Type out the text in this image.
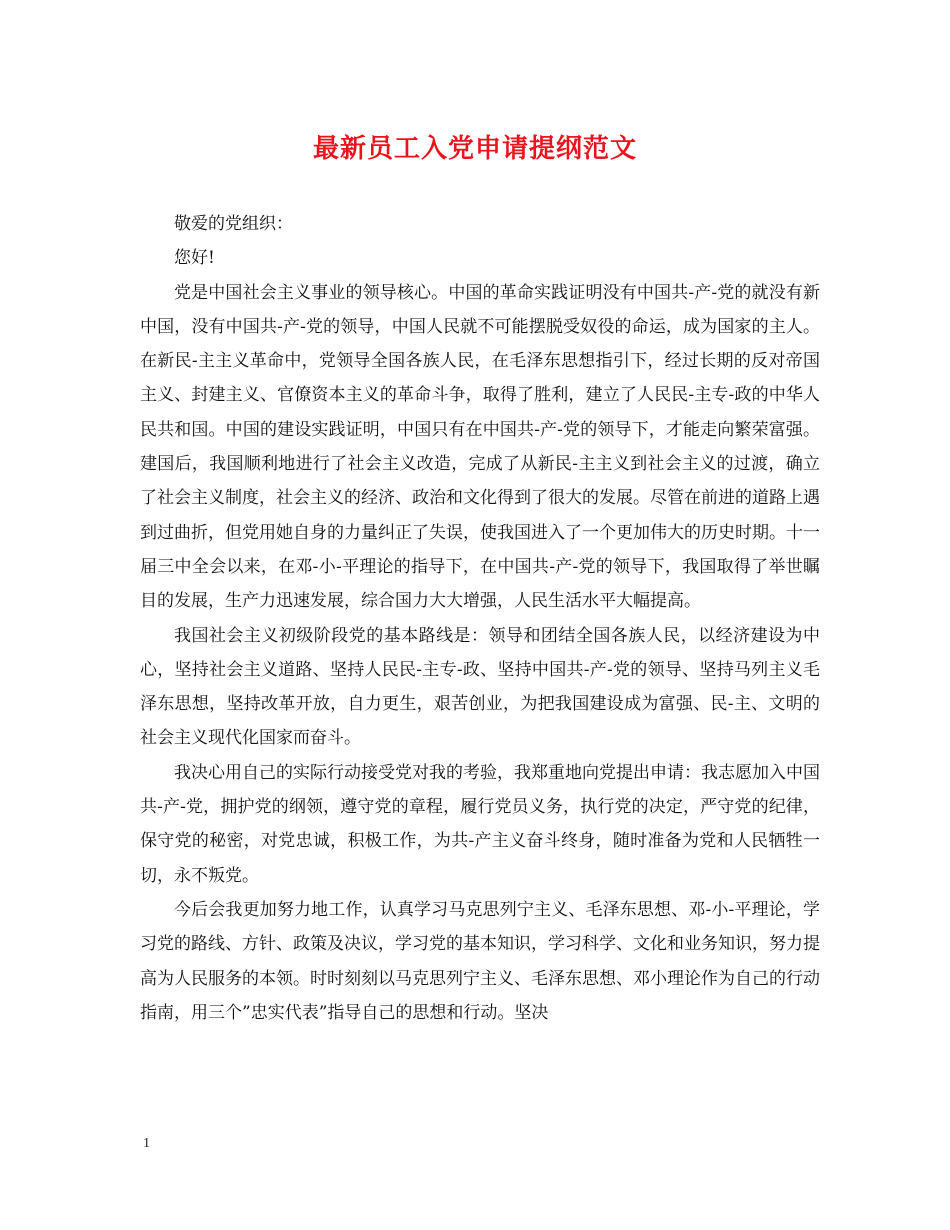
最新员工入党申请提纲范文

敬爱的党组织：

您好!

党是中国社会主义事业的领导核心。中国的革命实践证明没有中国共-产-党的就没有新中国，没有中国共-产-党的领导，中国人民就不可能摆脱受奴役的命运，成为国家的主人。在新民-主主义革命中，党领导全国各族人民，在毛泽东思想指引下，经过长期的反对帝国主义、封建主义、官僚资本主义的革命斗争，取得了胜利，建立了人民民-主专-政的中华人民共和国。中国的建设实践证明，中国只有在中国共-产-党的领导下，才能走向繁荣富强。建国后，我国顺利地进行了社会主义改造，完成了从新民-主主义到社会主义的过渡，确立了社会主义制度，社会主义的经济、政治和文化得到了很大的发展。尽管在前进的道路上遇到过曲折，但党用她自身的力量纠正了失误，使我国进入了一个更加伟大的历史时期。十一届三中全会以来，在邓-小-平理论的指导下，在中国共-产-党的领导下，我国取得了举世瞩目的发展，生产力迅速发展，综合国力大大增强，人民生活水平大幅提高。

我国社会主义初级阶段党的基本路线是：领导和团结全国各族人民，以经济建设为中心，坚持社会主义道路、坚持人民民-主专-政、坚持中国共-产-党的领导、坚持马列主义毛泽东思想，坚持改革开放，自力更生，艰苦创业，为把我国建设成为富强、民-主、文明的社会主义现代化国家而奋斗。

我决心用自己的实际行动接受党对我的考验，我郑重地向党提出申请：我志愿加入中国共-产-党，拥护党的纲领，遵守党的章程，履行党员义务，执行党的决定，严守党的纪律，保守党的秘密，对党忠诚，积极工作，为共-产主义奋斗终身，随时准备为党和人民牺牲一切，永不叛党。

今后会我更加努力地工作，认真学习马克思列宁主义、毛泽东思想、邓-小-平理论，学习党的路线、方针、政策及决议，学习党的基本知识，学习科学、文化和业务知识，努力提高为人民服务的本领。时时刻刻以马克思列宁主义、毛泽东思想、邓小理论作为自己的行动指南，用三个”忠实代表”指导自己的思想和行动。坚决

1
